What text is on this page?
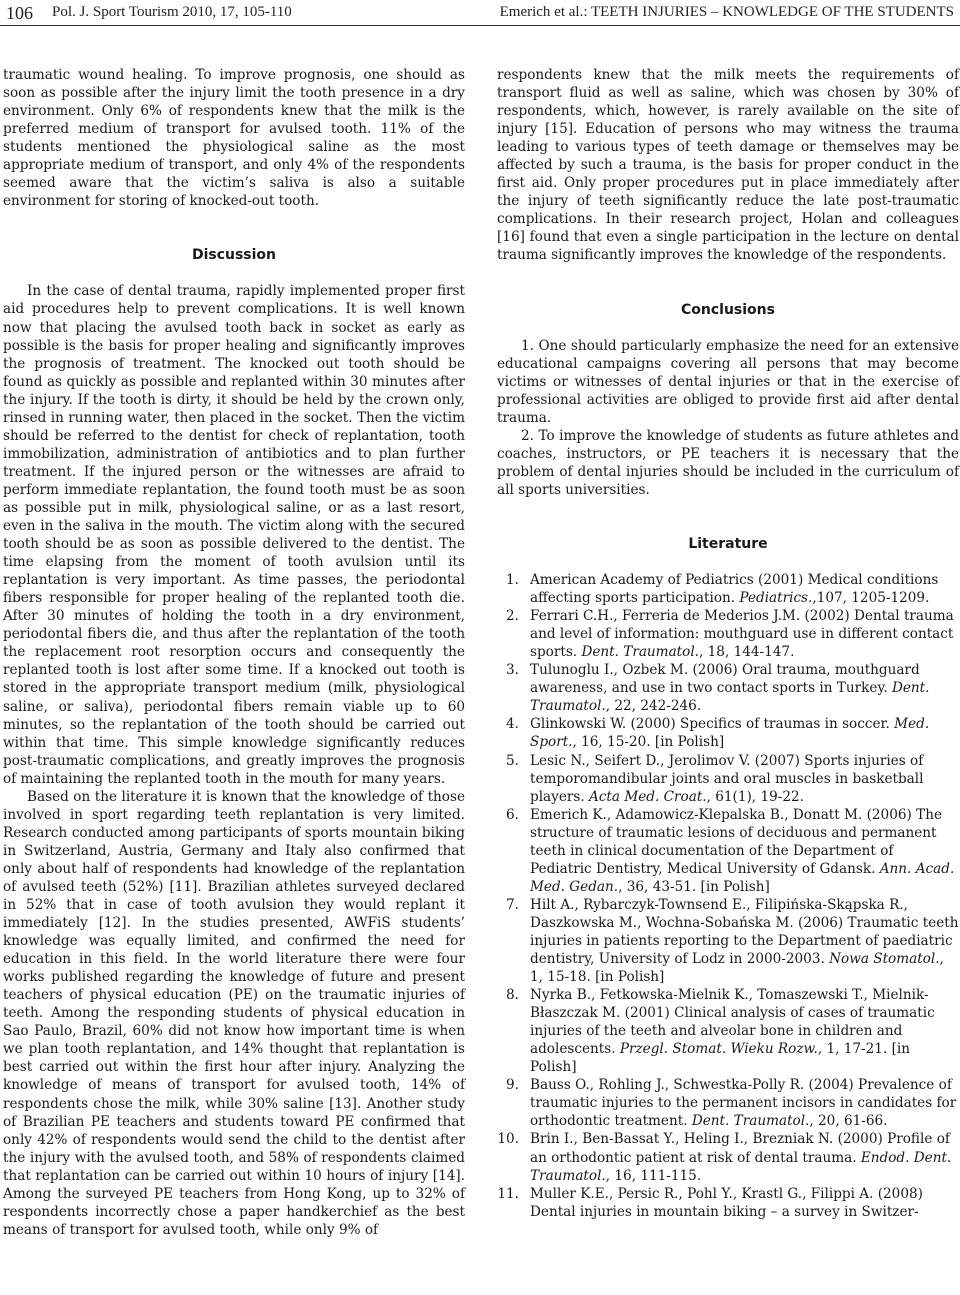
106 Pol. J. Sport Tourism 2010, 17, 105-110	Emerich et al.: TEETH INJURIES – KNOWLEDGE OF THE STUDENTS

traumatic wound healing. To improve prognosis, one should as soon as possible after the injury limit the tooth presence in a dry environment. Only 6% of respondents knew that the milk is the preferred medium of transport for avulsed tooth. 11% of the students mentioned the physiological saline as the most appropriate medium of transport, and only 4% of the respondents seemed aware that the victim’s saliva is also a suitable environment for storing of knocked-out tooth.

Discussion

In the case of dental trauma, rapidly implemented proper first aid procedures help to prevent complications. It is well known now that placing the avulsed tooth back in socket as early as possible is the basis for proper healing and significantly improves the prognosis of treatment. The knocked out tooth should be found as quickly as possible and replanted within 30 minutes after the injury. If the tooth is dirty, it should be held by the crown only, rinsed in running water, then placed in the socket. Then the victim should be referred to the dentist for check of replantation, tooth immobilization, administration of antibiotics and to plan further treatment. If the injured person or the witnesses are afraid to perform immediate replantation, the found tooth must be as soon as possible put in milk, physiological saline, or as a last resort, even in the saliva in the mouth. The victim along with the secured tooth should be as soon as possible delivered to the dentist. The time elapsing from the moment of tooth avulsion until its replantation is very important. As time passes, the periodontal fibers responsible for proper healing of the replanted tooth die. After 30 minutes of holding the tooth in a dry environment, periodontal fibers die, and thus after the replantation of the tooth the replacement root resorption occurs and consequently the replanted tooth is lost after some time. If a knocked out tooth is stored in the appropriate transport medium (milk, physiological saline, or saliva), periodontal fibers remain viable up to 60 minutes, so the replantation of the tooth should be carried out within that time. This simple knowledge significantly reduces post-traumatic complications, and greatly improves the prognosis of maintaining the replanted tooth in the mouth for many years.

Based on the literature it is known that the knowledge of those involved in sport regarding teeth replantation is very limited. Research conducted among participants of sports mountain biking in Switzerland, Austria, Germany and Italy also confirmed that only about half of respondents had knowledge of the replantation of avulsed teeth (52%) [11]. Brazilian athletes surveyed declared in 52% that in case of tooth avulsion they would replant it immediately [12]. In the studies presented, AWFiS students’ knowledge was equally limited, and confirmed the need for education in this field. In the world literature there were four works published regarding the knowledge of future and present teachers of physical education (PE) on the traumatic injuries of teeth. Among the responding students of physical education in Sao Paulo, Brazil, 60% did not know how important time is when we plan tooth replantation, and 14% thought that replantation is best carried out within the first hour after injury. Analyzing the knowledge of means of transport for avulsed tooth, 14% of respondents chose the milk, while 30% saline [13]. Another study of Brazilian PE teachers and students toward PE confirmed that only 42% of respondents would send the child to the dentist after the injury with the avulsed tooth, and 58% of respondents claimed that replantation can be carried out within 10 hours of injury [14]. Among the surveyed PE teachers from Hong Kong, up to 32% of respondents incorrectly chose a paper handkerchief as the best means of transport for avulsed tooth, while only 9% of

respondents knew that the milk meets the requirements of transport fluid as well as saline, which was chosen by 30% of respondents, which, however, is rarely available on the site of injury [15]. Education of persons who may witness the trauma leading to various types of teeth damage or themselves may be affected by such a trauma, is the basis for proper conduct in the first aid. Only proper procedures put in place immediately after the injury of teeth significantly reduce the late post-traumatic complications. In their research project, Holan and colleagues [16] found that even a single participation in the lecture on dental trauma significantly improves the knowledge of the respondents.

Conclusions

1. One should particularly emphasize the need for an extensive educational campaigns covering all persons that may become victims or witnesses of dental injuries or that in the exercise of professional activities are obliged to provide first aid after dental trauma.

2. To improve the knowledge of students as future athletes and coaches, instructors, or PE teachers it is necessary that the problem of dental injuries should be included in the curriculum of all sports universities.

Literature
1. American Academy of Pediatrics (2001) Medical conditions affecting sports participation. Pediatrics.,107, 1205-1209.
2. Ferrari C.H., Ferreria de Mederios J.M. (2002) Dental trauma and level of information: mouthguard use in different contact sports. Dent. Traumatol., 18, 144-147.
3. Tulunoglu I., Ozbek M. (2006) Oral trauma, mouthguard awareness, and use in two contact sports in Turkey. Dent. Traumatol., 22, 242-246.
4. Glinkowski W. (2000) Specifics of traumas in soccer. Med. Sport., 16, 15-20. [in Polish]
5. Lesic N., Seifert D., Jerolimov V. (2007) Sports injuries of temporomandibular joints and oral muscles in basketball players. Acta Med. Croat., 61(1), 19-22.
6. Emerich K., Adamowicz-Klepalska B., Donatt M. (2006) The structure of traumatic lesions of deciduous and permanent teeth in clinical documentation of the Department of Pediatric Dentistry, Medical University of Gdansk. Ann. Acad. Med. Gedan., 36, 43-51. [in Polish]
7. Hilt A., Rybarczyk-Townsend E., Filipińska-Skąpska R., Daszkowska M., Wochna-Sobańska M. (2006) Traumatic teeth injuries in patients reporting to the Department of paediatric dentistry, University of Lodz in 2000-2003. Nowa Stomatol., 1, 15-18. [in Polish]
8. Nyrka B., Fetkowska-Mielnik K., Tomaszewski T., Mielnik-Błaszczak M. (2001) Clinical analysis of cases of traumatic injuries of the teeth and alveolar bone in children and adolescents. Przegl. Stomat. Wieku Rozw., 1, 17-21. [in Polish]
9. Bauss O., Rohling J., Schwestka-Polly R. (2004) Prevalence of traumatic injuries to the permanent incisors in candidates for orthodontic treatment. Dent. Traumatol., 20, 61-66.
10. Brin I., Ben-Bassat Y., Heling I., Brezniak N. (2000) Profile of an orthodontic patient at risk of dental trauma. Endod. Dent. Traumatol., 16, 111-115.
11. Muller K.E., Persic R., Pohl Y., Krastl G., Filippi A. (2008) Dental injuries in mountain biking – a survey in Switzer-
